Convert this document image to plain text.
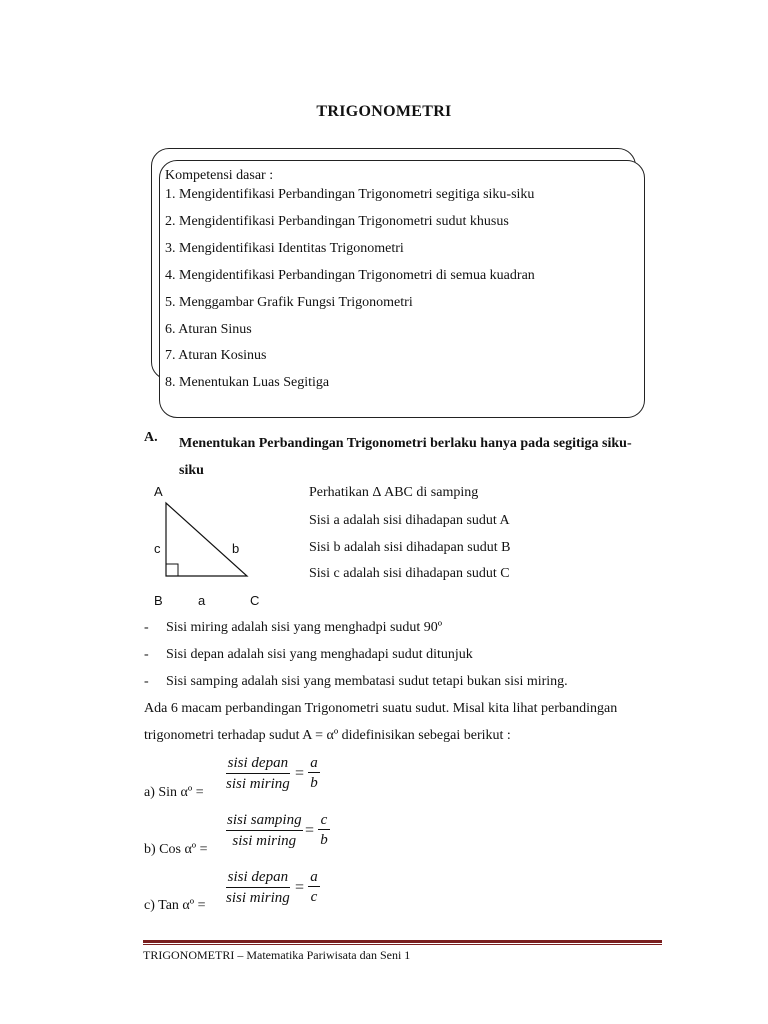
TRIGONOMETRI
Kompetensi dasar :
1. Mengidentifikasi Perbandingan Trigonometri segitiga siku-siku
2. Mengidentifikasi Perbandingan Trigonometri sudut khusus
3. Mengidentifikasi Identitas Trigonometri
4. Mengidentifikasi Perbandingan Trigonometri di semua kuadran
5. Menggambar Grafik Fungsi Trigonometri
6. Aturan Sinus
7. Aturan Kosinus
8. Menentukan Luas Segitiga
A. Menentukan Perbandingan Trigonometri berlaku hanya pada segitiga siku-siku
A
c	b
B	a	C
Perhatikan Δ ABC di samping
Sisi a adalah sisi dihadapan sudut A
Sisi b adalah sisi dihadapan sudut B
Sisi c adalah sisi dihadapan sudut C
- Sisi miring adalah sisi yang menghadpi sudut 90º
- Sisi depan adalah sisi yang menghadapi sudut ditunjuk
- Sisi samping adalah sisi yang membatasi sudut tetapi bukan sisi miring.
Ada 6 macam perbandingan Trigonometri suatu sudut. Misal kita lihat perbandingan
trigonometri terhadap sudut A = αº didefinisikan sebegai berikut :
a) Sin αº =
sisi depan
sisi miring
= $\frac{a}{b}$
b) Cos αº =
sisi samping
sisi miring
= $\frac{c}{b}$
c) Tan αº =
sisi depan
sisi miring
= $\frac{a}{c}$
TRIGONOMETRI – Matematika Pariwisata dan Seni 1
